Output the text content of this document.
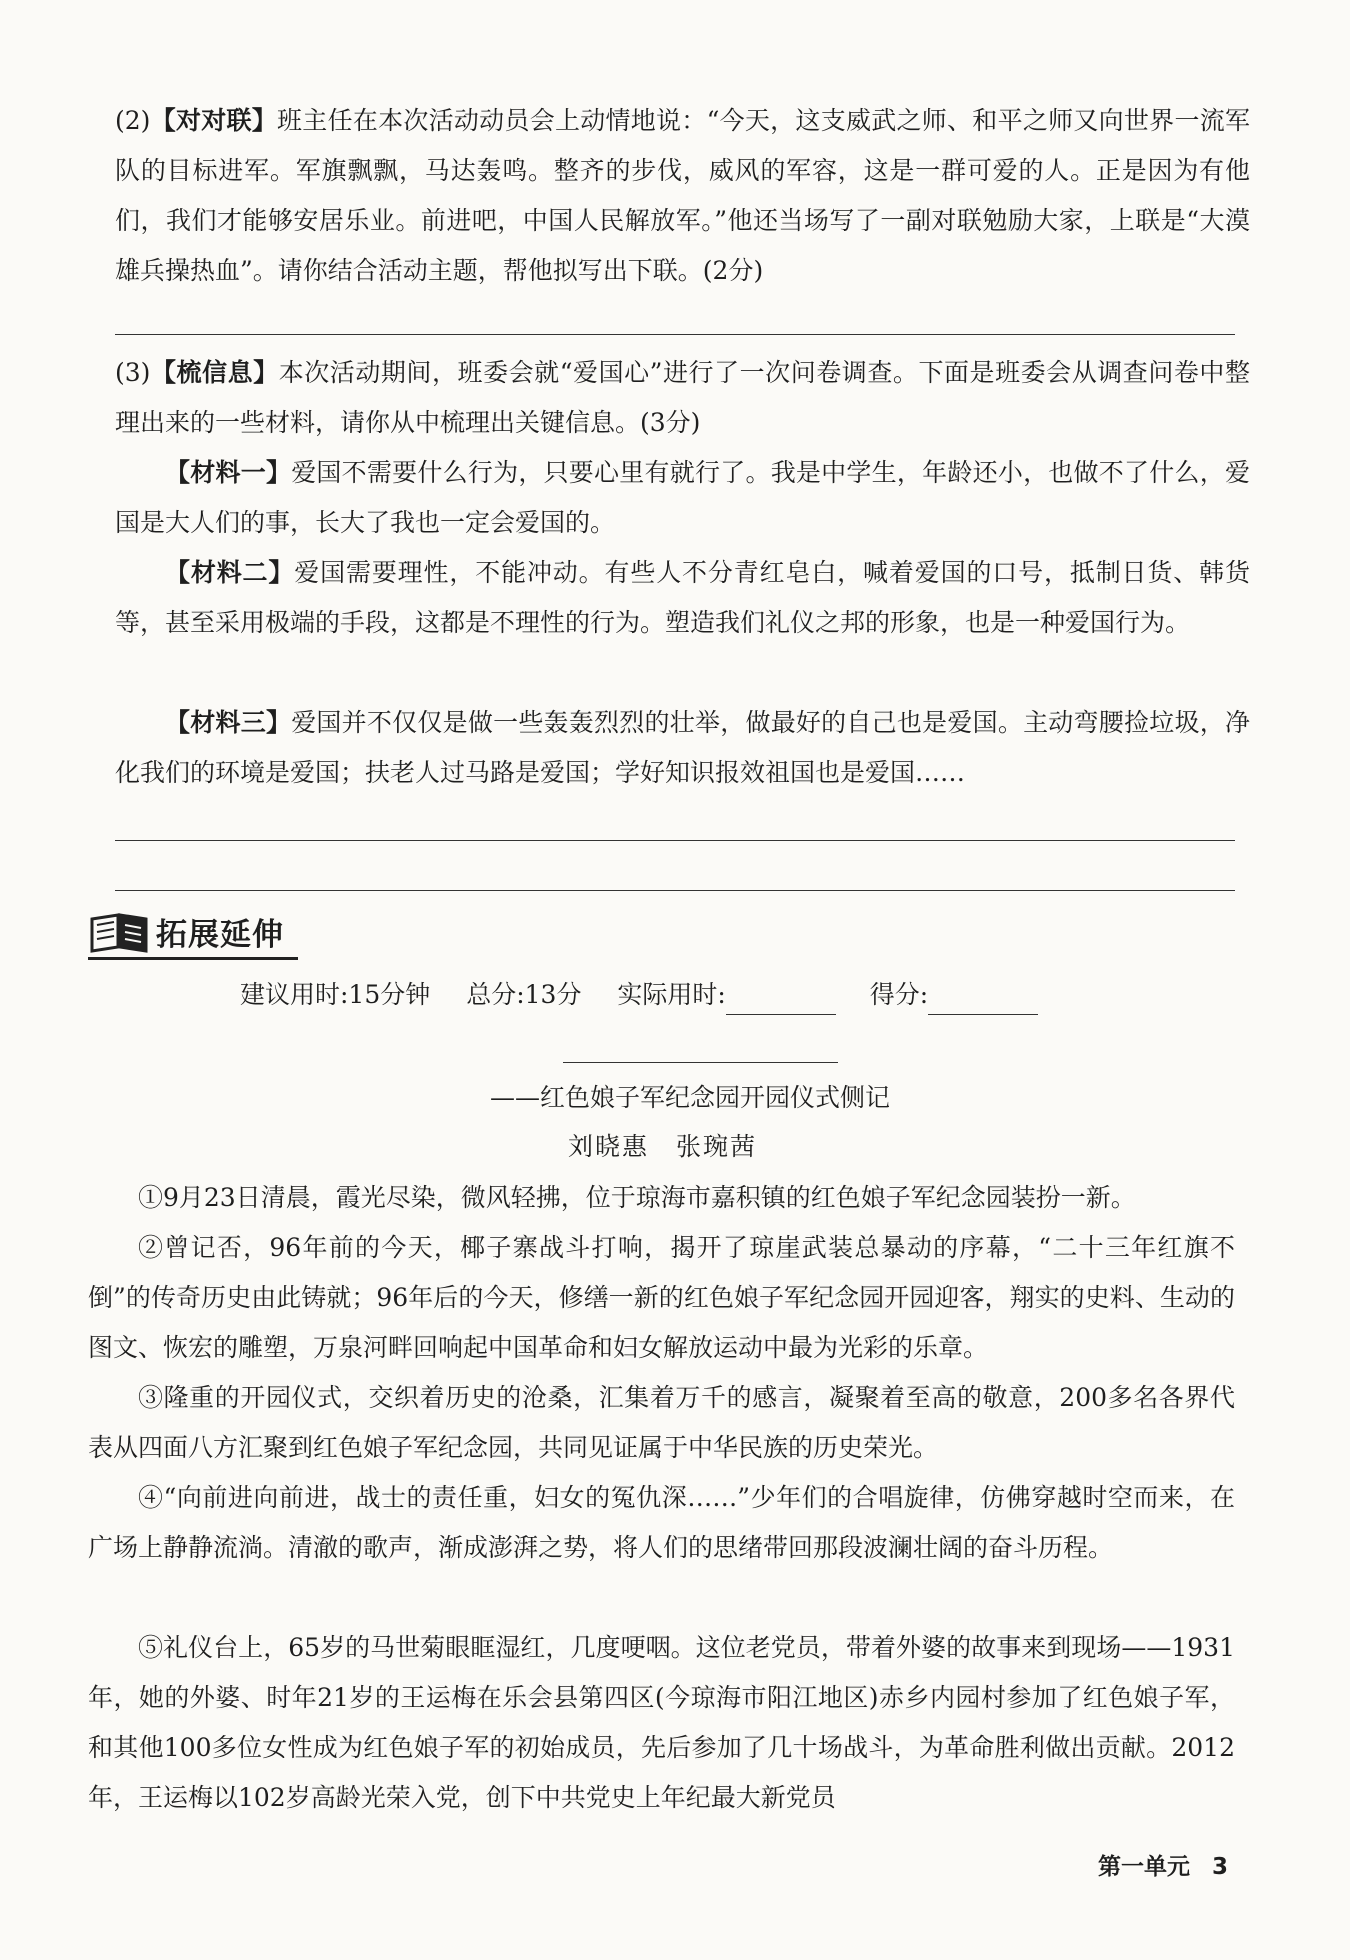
(2)【对对联】班主任在本次活动动员会上动情地说：“今天，这支威武之师、和平之师又向世界一流军队的目标进军。军旗飘飘，马达轰鸣。整齐的步伐，威风的军容，这是一群可爱的人。正是因为有他们，我们才能够安居乐业。前进吧，中国人民解放军。”他还当场写了一副对联勉励大家，上联是“大漠雄兵操热血”。请你结合活动主题，帮他拟写出下联。(2分)

(3)【梳信息】本次活动期间，班委会就“爱国心”进行了一次问卷调查。下面是班委会从调查问卷中整理出来的一些材料，请你从中梳理出关键信息。(3分)

【材料一】爱国不需要什么行为，只要心里有就行了。我是中学生，年龄还小，也做不了什么，爱国是大人们的事，长大了我也一定会爱国的。

【材料二】爱国需要理性，不能冲动。有些人不分青红皂白，喊着爱国的口号，抵制日货、韩货等，甚至采用极端的手段，这都是不理性的行为。塑造我们礼仪之邦的形象，也是一种爱国行为。

【材料三】爱国并不仅仅是做一些轰轰烈烈的壮举，做最好的自己也是爱国。主动弯腰捡垃圾，净化我们的环境是爱国；扶老人过马路是爱国；学好知识报效祖国也是爱国……

拓展延伸
建议用时:15分钟 总分:13分 实际用时:	得分:
——红色娘子军纪念园开园仪式侧记
刘晓惠　张琬茜

①9月23日清晨，霞光尽染，微风轻拂，位于琼海市嘉积镇的红色娘子军纪念园装扮一新。

②曾记否，96年前的今天，椰子寨战斗打响，揭开了琼崖武装总暴动的序幕，“二十三年红旗不倒”的传奇历史由此铸就；96年后的今天，修缮一新的红色娘子军纪念园开园迎客，翔实的史料、生动的图文、恢宏的雕塑，万泉河畔回响起中国革命和妇女解放运动中最为光彩的乐章。

③隆重的开园仪式，交织着历史的沧桑，汇集着万千的感言，凝聚着至高的敬意，200多名各界代表从四面八方汇聚到红色娘子军纪念园，共同见证属于中华民族的历史荣光。

④“向前进向前进，战士的责任重，妇女的冤仇深……”少年们的合唱旋律，仿佛穿越时空而来，在广场上静静流淌。清澈的歌声，渐成澎湃之势，将人们的思绪带回那段波澜壮阔的奋斗历程。

⑤礼仪台上，65岁的马世菊眼眶湿红，几度哽咽。这位老党员，带着外婆的故事来到现场——1931年，她的外婆、时年21岁的王运梅在乐会县第四区(今琼海市阳江地区)赤乡内园村参加了红色娘子军，和其他100多位女性成为红色娘子军的初始成员，先后参加了几十场战斗，为革命胜利做出贡献。2012年，王运梅以102岁高龄光荣入党，创下中共党史上年纪最大新党员

第一单元 3
